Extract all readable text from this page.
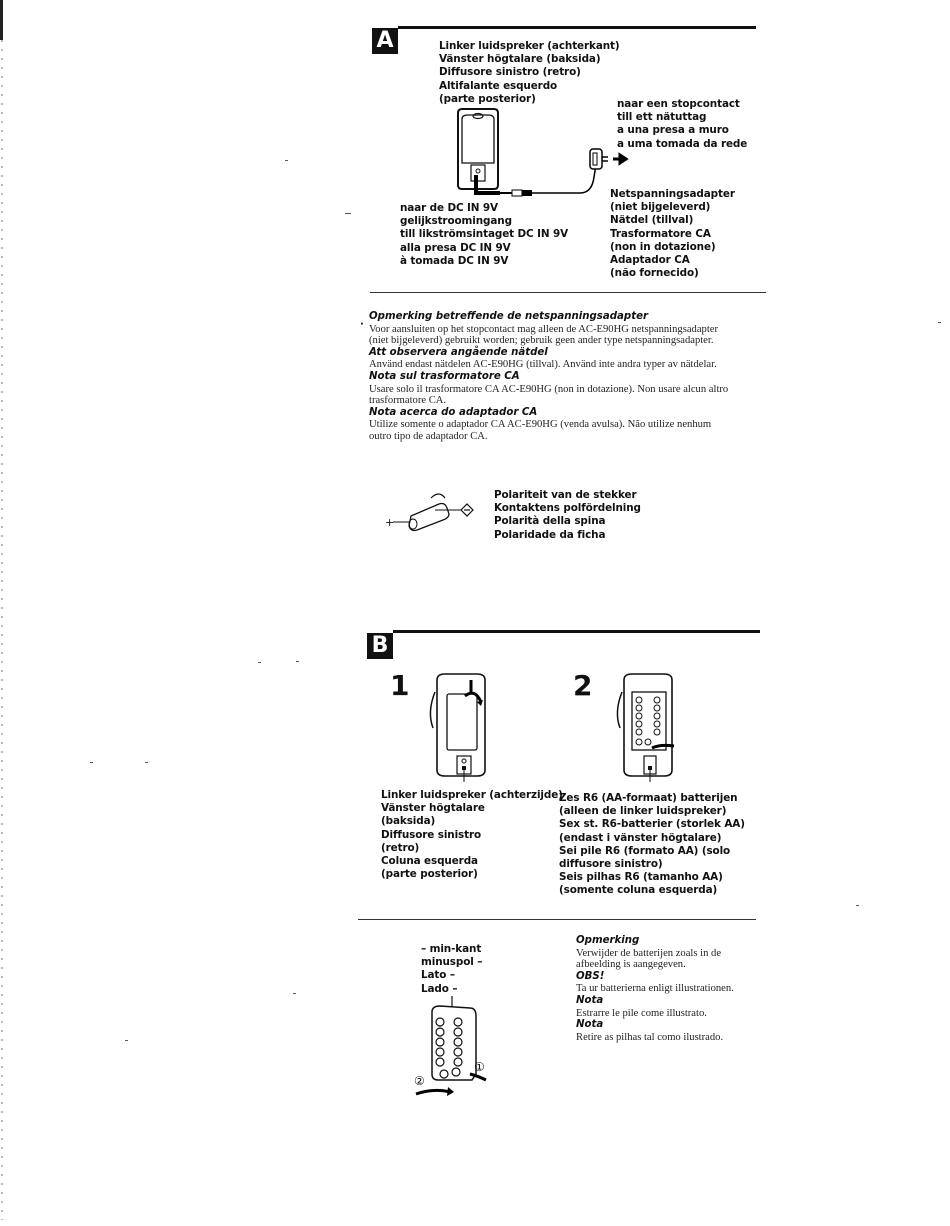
A	Linker luidspreker (achterkant)
Vänster högtalare (baksida)
Diffusore sinistro (retro)
Altifalante esquerdo
(parte posterior)	naar een stopcontact
till ett nätuttag
a una presa a muro
a uma tomada da rede
naar de DC IN 9V
gelijkstroomingang
till likströmsintaget DC IN 9V
alla presa DC IN 9V
à tomada DC IN 9V
Netspanningsadapter
(niet bijgeleverd)
Nätdel (tillval)
Trasformatore CA
(non in dotazione)
Adaptador CA
(não fornecido)
·
Opmerking betreffende de netspanningsadapter
Voor aansluiten op het stopcontact mag alleen de AC-E90HG netspanningsadapter
(niet bijgeleverd) gebruikt worden; gebruik geen ander type netspanningsadapter.
Att observera angående nätdel
Använd endast nätdelen AC-E90HG (tillval). Använd inte andra typer av nätdelar.
Nota sul trasformatore CA
Usare solo il trasformatore CA AC-E90HG (non in dotazione). Non usare alcun altro
trasformatore CA.
Nota acerca do adaptador CA
Utilize somente o adaptador CA AC-E90HG (venda avulsa). Não utilize nenhum
outro tipo de adaptador CA.
+
Polariteit van de stekker
Kontaktens polfördelning
Polarità della spina
Polaridade da ficha
B
1	2
Linker luidspreker (achterzijde)
Vänster högtalare
(baksida)
Diffusore sinistro
(retro)
Coluna esquerda
(parte posterior)
Zes R6 (AA-formaat) batterijen
(alleen de linker luidspreker)
Sex st. R6-batterier (storlek AA)
(endast i vänster högtalare)
Sei pile R6 (formato AA) (solo
diffusore sinistro)
Seis pilhas R6 (tamanho AA)
(somente coluna esquerda)
– min-kant
minuspol –
Lato –
Lado –
②
①
Opmerking
Verwijder de batterijen zoals in de
afbeelding is aangegeven.
OBS!
Ta ur batterierna enligt illustrationen.
Nota
Estrarre le pile come illustrato.
Nota
Retire as pilhas tal como ilustrado.
